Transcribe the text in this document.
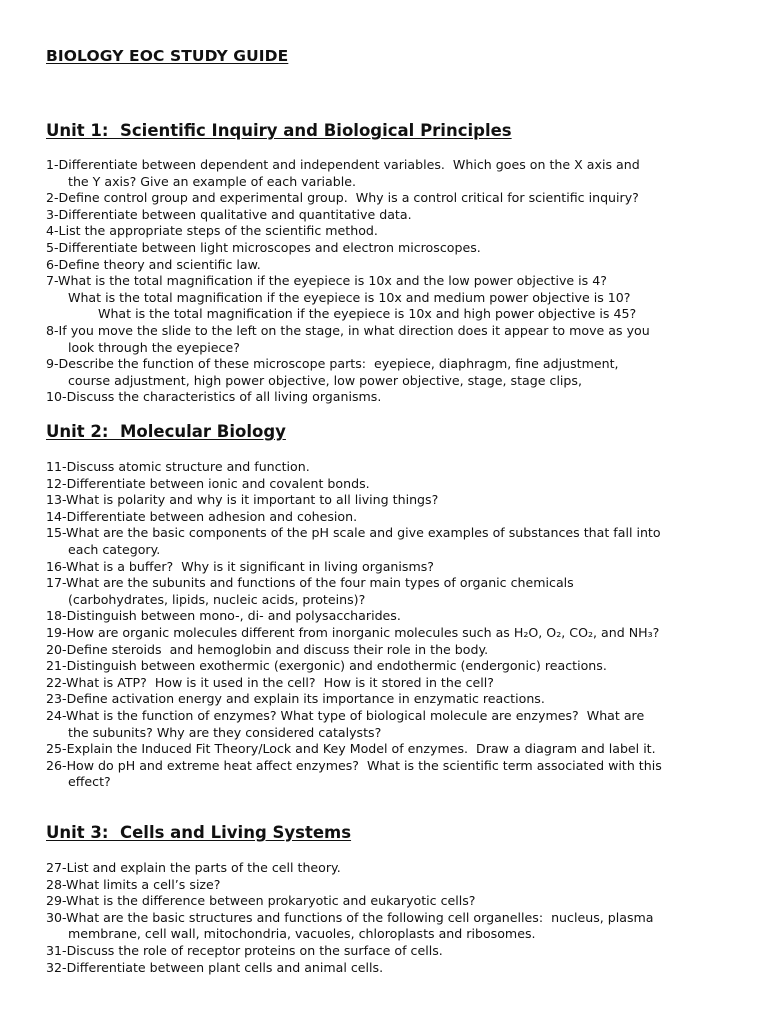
BIOLOGY EOC STUDY GUIDE
Unit 1:  Scientific Inquiry and Biological Principles
1-Differentiate between dependent and independent variables.  Which goes on the X axis and
the Y axis? Give an example of each variable.
2-Define control group and experimental group.  Why is a control critical for scientific inquiry?
3-Differentiate between qualitative and quantitative data.
4-List the appropriate steps of the scientific method.
5-Differentiate between light microscopes and electron microscopes.
6-Define theory and scientific law.
7-What is the total magnification if the eyepiece is 10x and the low power objective is 4?
What is the total magnification if the eyepiece is 10x and medium power objective is 10?
What is the total magnification if the eyepiece is 10x and high power objective is 45?
8-If you move the slide to the left on the stage, in what direction does it appear to move as you
look through the eyepiece?
9-Describe the function of these microscope parts:  eyepiece, diaphragm, fine adjustment,
course adjustment, high power objective, low power objective, stage, stage clips,
10-Discuss the characteristics of all living organisms.
Unit 2:  Molecular Biology
11-Discuss atomic structure and function.
12-Differentiate between ionic and covalent bonds.
13-What is polarity and why is it important to all living things?
14-Differentiate between adhesion and cohesion.
15-What are the basic components of the pH scale and give examples of substances that fall into
each category.
16-What is a buffer?  Why is it significant in living organisms?
17-What are the subunits and functions of the four main types of organic chemicals
(carbohydrates, lipids, nucleic acids, proteins)?
18-Distinguish between mono-, di- and polysaccharides.
19-How are organic molecules different from inorganic molecules such as H₂O, O₂, CO₂, and NH₃?
20-Define steroids  and hemoglobin and discuss their role in the body.
21-Distinguish between exothermic (exergonic) and endothermic (endergonic) reactions.
22-What is ATP?  How is it used in the cell?  How is it stored in the cell?
23-Define activation energy and explain its importance in enzymatic reactions.
24-What is the function of enzymes? What type of biological molecule are enzymes?  What are
the subunits? Why are they considered catalysts?
25-Explain the Induced Fit Theory/Lock and Key Model of enzymes.  Draw a diagram and label it.
26-How do pH and extreme heat affect enzymes?  What is the scientific term associated with this
effect?
Unit 3:  Cells and Living Systems
27-List and explain the parts of the cell theory.
28-What limits a cell’s size?
29-What is the difference between prokaryotic and eukaryotic cells?
30-What are the basic structures and functions of the following cell organelles:  nucleus, plasma
membrane, cell wall, mitochondria, vacuoles, chloroplasts and ribosomes.
31-Discuss the role of receptor proteins on the surface of cells.
32-Differentiate between plant cells and animal cells.
